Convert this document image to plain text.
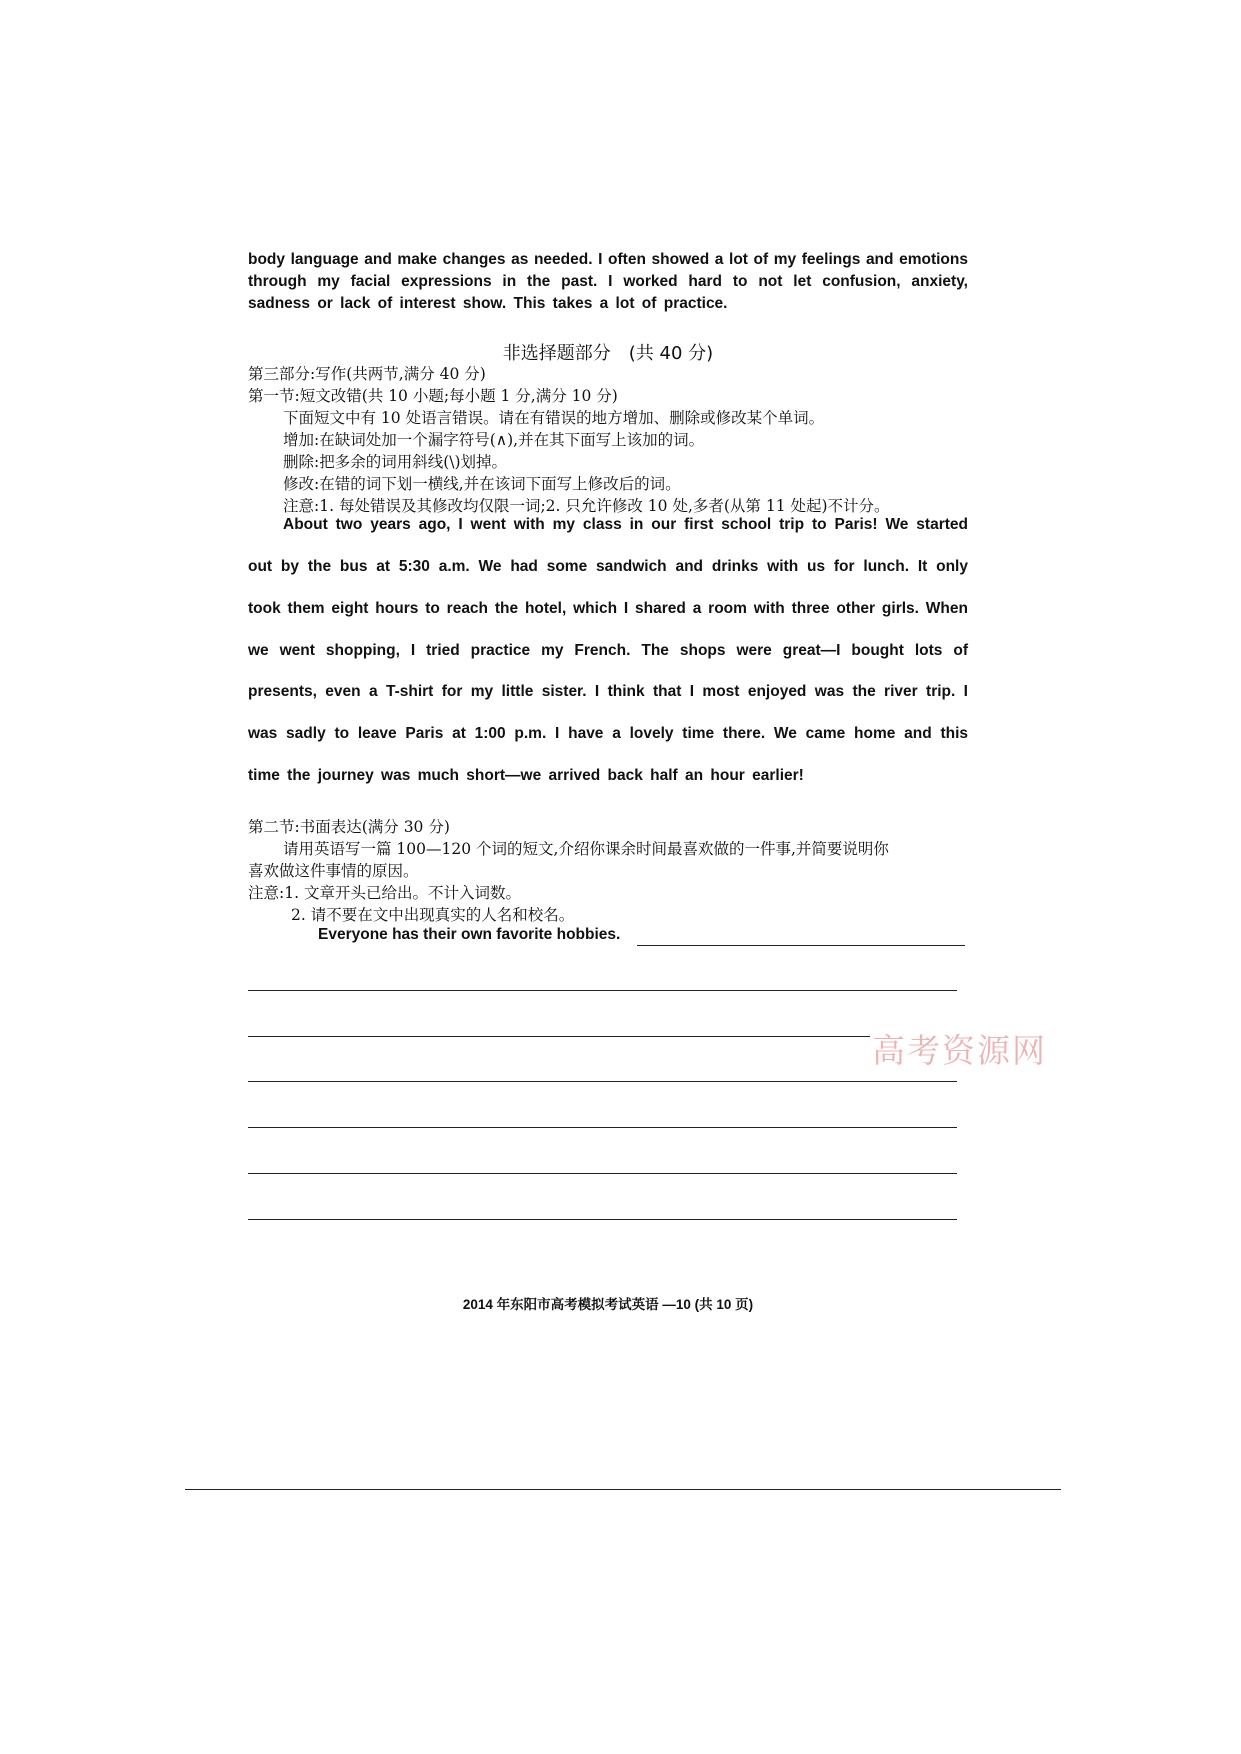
body language and make changes as needed. I often showed a lot of my feelings and emotions
through my facial expressions in the past. I worked hard to not let confusion, anxiety,
sadness or lack of interest show. This takes a lot of practice.
非选择题部分　(共 40 分)
第三部分:写作(共两节,满分 40 分)
第一节:短文改错(共 10 小题;每小题 1 分,满分 10 分)
下面短文中有 10 处语言错误。请在有错误的地方增加、删除或修改某个单词。
增加:在缺词处加一个漏字符号(∧),并在其下面写上该加的词。
删除:把多余的词用斜线(\)划掉。
修改:在错的词下划一横线,并在该词下面写上修改后的词。
注意:1. 每处错误及其修改均仅限一词;2. 只允许修改 10 处,多者(从第 11 处起)不计分。
About two years ago, I went with my class in our first school trip to Paris! We started
out by the bus at 5:30 a.m. We had some sandwich and drinks with us for lunch. It only
took them eight hours to reach the hotel, which I shared a room with three other girls. When
we went shopping, I tried practice my French. The shops were great—I bought lots of
presents, even a T-shirt for my little sister. I think that I most enjoyed was the river trip. I
was sadly to leave Paris at 1:00 p.m. I have a lovely time there. We came home and this
time the journey was much short—we arrived back half an hour earlier!
第二节:书面表达(满分 30 分)
请用英语写一篇 100—120 个词的短文,介绍你课余时间最喜欢做的一件事,并简要说明你
喜欢做这件事情的原因。
注意:1. 文章开头已给出。不计入词数。
2. 请不要在文中出现真实的人名和校名。
Everyone has their own favorite hobbies.
高考资源网
2014 年东阳市高考模拟考试英语 —10 (共 10 页)
